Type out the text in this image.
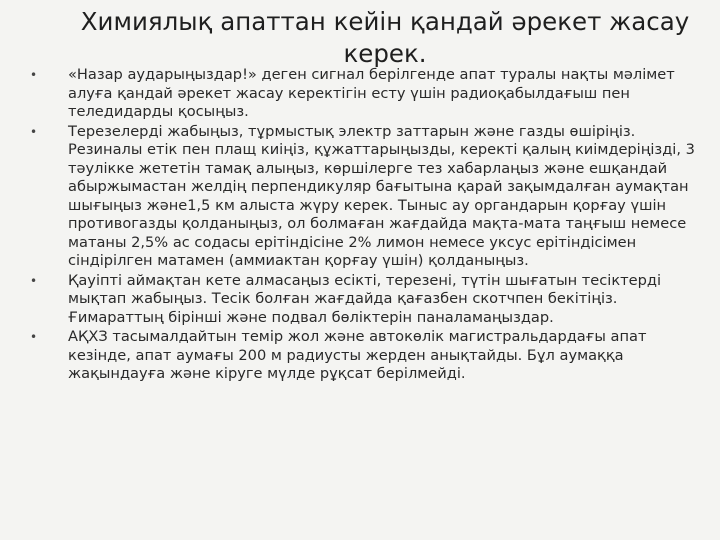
Химиялық апаттан кейін қандай әрекет жасау керек.
• «Назар аударыңыздар!» деген сигнал берілгенде апат туралы нақты мәлімет алуға қандай әрекет жасау керектігін есту үшін радиоқабылдағыш пен теледидарды қосыңыз.
• Терезелерді жабыңыз, тұрмыстық электр заттарын және газды өшіріңіз. Резиналы етік пен плащ киіңіз, құжаттарыңызды, керекті қалың киімдеріңізді, 3 тәулікке жететін тамақ алыңыз, көршілерге тез хабарлаңыз және ешқандай абыржымастан желдің перпендикуляр бағытына қарай зақымдалған аумақтан шығыңыз және1,5 км алыста жүру керек. Тыныс ау органдарын қорғау үшін противогазды қолданыңыз, ол болмаған жағдайда мақта-мата таңғыш немесе матаны 2,5% ас содасы ерітіндісіне 2% лимон немесе уксус ерітіндісімен сіндірілген матамен (аммиактан қорғау үшін) қолданыңыз.
• Қауіпті аймақтан кете алмасаңыз есікті, терезені, түтін шығатын тесіктерді мықтап жабыңыз. Тесік болған жағдайда қағазбен скотчпен бекітіңіз. Ғимараттың бірінші және подвал бөліктерін паналамаңыздар.
• АҚХЗ тасымалдайтын темір жол және автокөлік магистральдардағы апат кезінде, апат аумағы 200 м радиусты жерден анықтайды. Бұл аумаққа жақындауға және кіруге мүлде рұқсат берілмейді.
